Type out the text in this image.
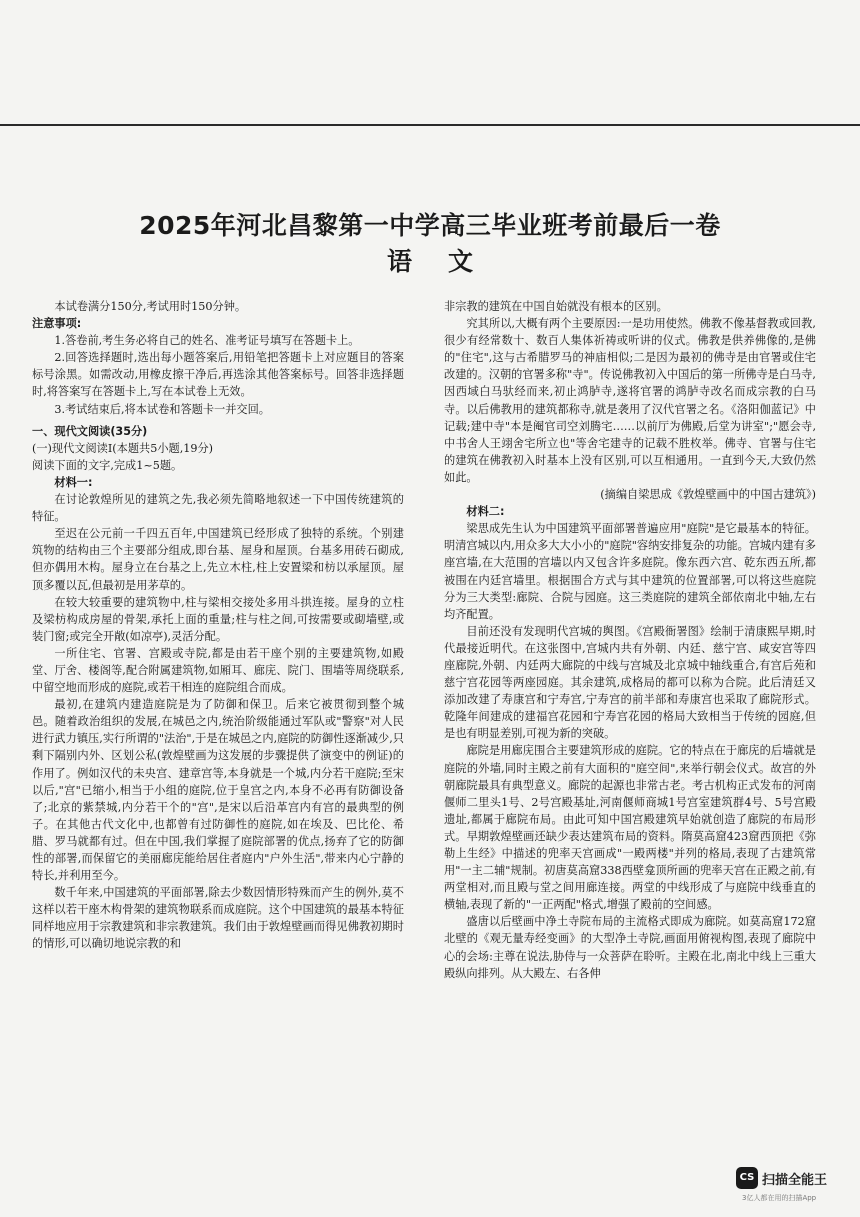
2025年河北昌黎第一中学高三毕业班考前最后一卷
语文

本试卷满分150分,考试用时150分钟。

注意事项:

1.答卷前,考生务必将自己的姓名、准考证号填写在答题卡上。

2.回答选择题时,选出每小题答案后,用铅笔把答题卡上对应题目的答案标号涂黑。如需改动,用橡皮擦干净后,再选涂其他答案标号。回答非选择题时,将答案写在答题卡上,写在本试卷上无效。

3.考试结束后,将本试卷和答题卡一并交回。

一、现代文阅读(35分)

(一)现代文阅读Ⅰ(本题共5小题,19分)

阅读下面的文字,完成1~5题。

材料一:

在讨论敦煌所见的建筑之先,我必须先简略地叙述一下中国传统建筑的特征。

至迟在公元前一千四五百年,中国建筑已经形成了独特的系统。个别建筑物的结构由三个主要部分组成,即台基、屋身和屋顶。台基多用砖石砌成,但亦偶用木构。屋身立在台基之上,先立木柱,柱上安置梁和枋以承屋顶。屋顶多覆以瓦,但最初是用茅草的。

在较大较重要的建筑物中,柱与梁相交接处多用斗拱连接。屋身的立柱及梁枋构成房屋的骨架,承托上面的重量;柱与柱之间,可按需要或砌墙壁,或装门窗;或完全开敞(如凉亭),灵活分配。

一所住宅、官署、宫殿或寺院,都是由若干座个别的主要建筑物,如殿堂、厅舍、楼阁等,配合附属建筑物,如厢耳、廊庑、院门、围墙等周绕联系,中留空地而形成的庭院,或若干相连的庭院组合而成。

最初,在建筑内建造庭院是为了防御和保卫。后来它被贯彻到整个城邑。随着政治组织的发展,在城邑之内,统治阶级能通过军队或"警察"对人民进行武力镇压,实行所谓的"法治",于是在城邑之内,庭院的防御性逐渐减少,只剩下隔别内外、区划公私(敦煌壁画为这发展的步骤提供了演变中的例证)的作用了。例如汉代的未央宫、建章宫等,本身就是一个城,内分若干庭院;至宋以后,"宫"已缩小,相当于小组的庭院,位于皇宫之内,本身不必再有防御设备了;北京的紫禁城,内分若干个的"宫",是宋以后沿革宫内有宫的最典型的例子。在其他古代文化中,也都曾有过防御性的庭院,如在埃及、巴比伦、希腊、罗马就都有过。但在中国,我们掌握了庭院部署的优点,扬弃了它的防御性的部署,而保留它的美丽廊庑能给居住者庭内"户外生活",带来内心宁静的特长,并利用至今。

数千年来,中国建筑的平面部署,除去少数因情形特殊而产生的例外,莫不这样以若干座木构骨架的建筑物联系而成庭院。这个中国建筑的最基本特征同样地应用于宗教建筑和非宗教建筑。我们由于敦煌壁画而得见佛教初期时的情形,可以确切地说宗教的和

非宗教的建筑在中国自始就没有根本的区别。

究其所以,大概有两个主要原因:一是功用使然。佛教不像基督教或回教,很少有经常数十、数百人集体祈祷或听讲的仪式。佛教是供养佛像的,是佛的"住宅",这与古希腊罗马的神庙相似;二是因为最初的佛寺是由官署或住宅改建的。汉朝的官署多称"寺"。传说佛教初入中国后的第一所佛寺是白马寺,因西域白马驮经而来,初止鸿胪寺,遂将官署的鸿胪寺改名而成宗教的白马寺。以后佛教用的建筑都称寺,就是袭用了汉代官署之名。《洛阳伽蓝记》中记载;建中寺"本是阉官司空刘腾宅……以前厅为佛殿,后堂为讲室";"愿会寺,中书舍人王翊舍宅所立也"等舍宅建寺的记载不胜枚举。佛寺、官署与住宅的建筑在佛教初入时基本上没有区别,可以互相通用。一直到今天,大致仍然如此。

(摘编自梁思成《敦煌壁画中的中国古建筑》)

材料二:

梁思成先生认为中国建筑平面部署普遍应用"庭院"是它最基本的特征。明清宫城以内,用众多大大小小的"庭院"容纳安排复杂的功能。宫城内建有多座宫墙,在大范围的宫墙以内又包含许多庭院。像东西六宫、乾东西五所,都被围在内廷宫墙里。根据围合方式与其中建筑的位置部署,可以将这些庭院分为三大类型:廊院、合院与园庭。这三类庭院的建筑全部依南北中轴,左右均齐配置。

目前还没有发现明代宫城的舆图。《宫殿衙署图》绘制于清康熙早期,时代最接近明代。在这张图中,宫城内共有外朝、内廷、慈宁宫、咸安宫等四座廊院,外朝、内廷两大廊院的中线与宫城及北京城中轴线重合,有宫后苑和慈宁宫花园等两座园庭。其余建筑,成格局的都可以称为合院。此后清廷又添加改建了寿康宫和宁寿宫,宁寿宫的前半部和寿康宫也采取了廊院形式。乾隆年间建成的建福宫花园和宁寿宫花园的格局大致相当于传统的园庭,但是也有明显差别,可视为新的突破。

廊院是用廊庑围合主要建筑形成的庭院。它的特点在于廊庑的后墙就是庭院的外墙,同时主殿之前有大面积的"庭空间",来举行朝会仪式。故宫的外朝廊院最具有典型意义。廊院的起源也非常古老。考古机构正式发布的河南偃师二里头1号、2号宫殿基址,河南偃师商城1号宫室建筑群4号、5号宫殿遗址,都属于廊院布局。由此可知中国宫殿建筑早始就创造了廊院的布局形式。早期敦煌壁画还缺少表达建筑布局的资料。隋莫高窟423窟西顶把《弥勒上生经》中描述的兜率天宫画成"一殿两楼"并列的格局,表现了古建筑常用"一主二辅"规制。初唐莫高窟338西壁龛顶所画的兜率天宫在正殿之前,有两堂相对,而且殿与堂之间用廊连接。两堂的中线形成了与庭院中线垂直的横轴,表现了新的"一正两配"格式,增强了殿前的空间感。

盛唐以后壁画中净土寺院布局的主流格式即成为廊院。如莫高窟172窟北壁的《观无量寿经变画》的大型净土寺院,画面用俯视构图,表现了廊院中心的会场:主尊在说法,胁侍与一众菩萨在聆听。主殿在北,南北中线上三重大殿纵向排列。从大殿左、右各伸

CS 扫描全能王
3亿人都在用的扫描App
